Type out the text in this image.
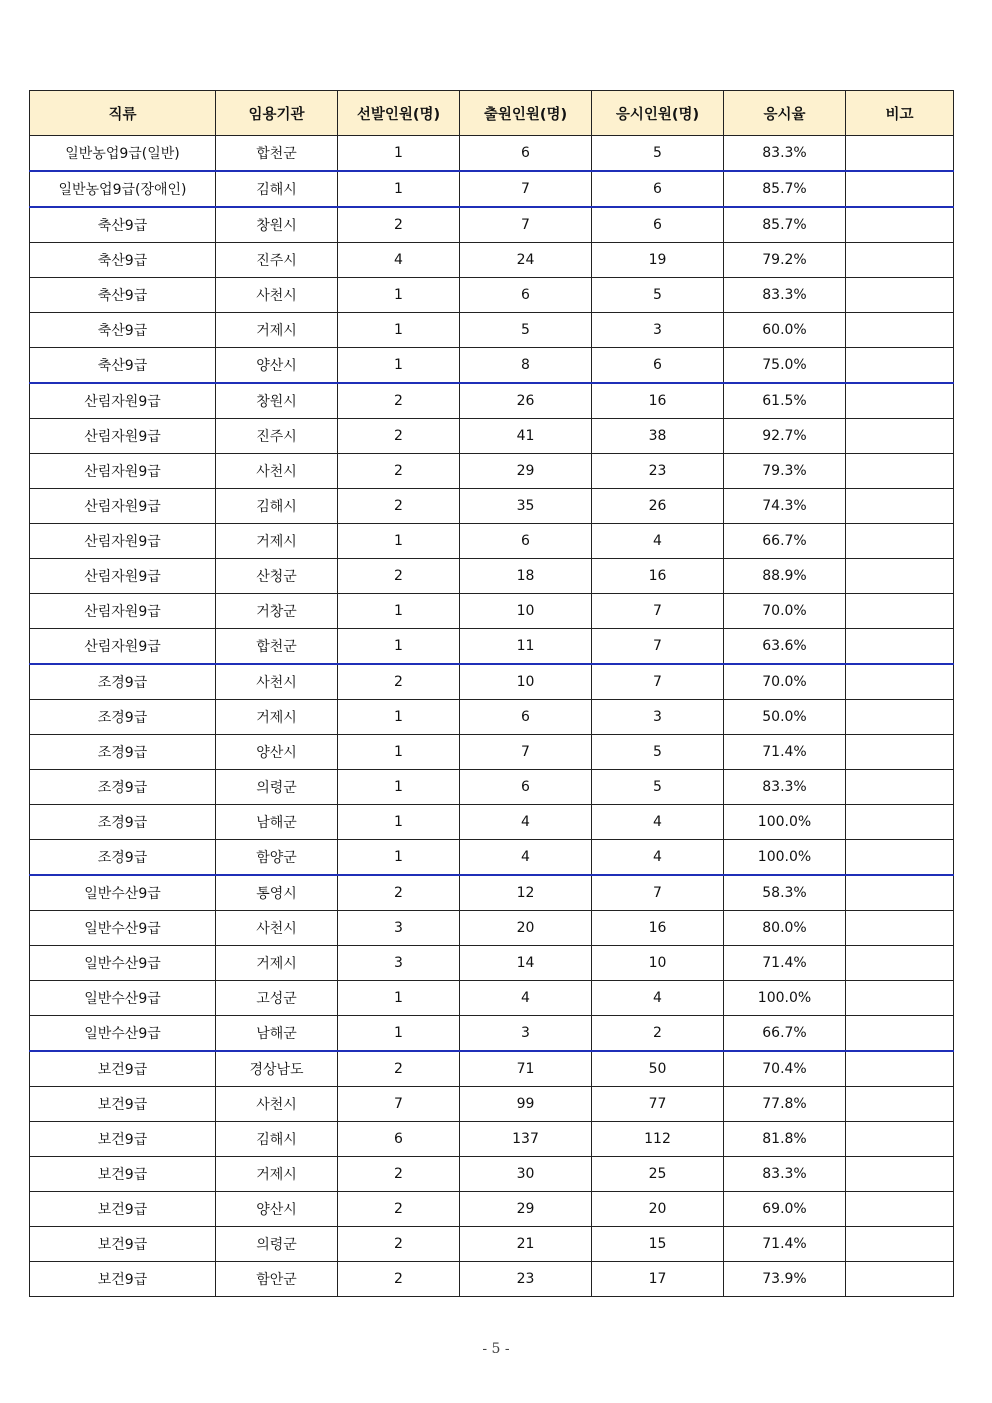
직류	임용기관	선발인원(명)	출원인원(명)	응시인원(명)	응시율	비고
일반농업9급(일반)	합천군	1	6	5	83.3%	
일반농업9급(장애인)	김해시	1	7	6	85.7%	
축산9급	창원시	2	7	6	85.7%	
축산9급	진주시	4	24	19	79.2%	
축산9급	사천시	1	6	5	83.3%	
축산9급	거제시	1	5	3	60.0%	
축산9급	양산시	1	8	6	75.0%	
산림자원9급	창원시	2	26	16	61.5%	
산림자원9급	진주시	2	41	38	92.7%	
산림자원9급	사천시	2	29	23	79.3%	
산림자원9급	김해시	2	35	26	74.3%	
산림자원9급	거제시	1	6	4	66.7%	
산림자원9급	산청군	2	18	16	88.9%	
산림자원9급	거창군	1	10	7	70.0%	
산림자원9급	합천군	1	11	7	63.6%	
조경9급	사천시	2	10	7	70.0%	
조경9급	거제시	1	6	3	50.0%	
조경9급	양산시	1	7	5	71.4%	
조경9급	의령군	1	6	5	83.3%	
조경9급	남해군	1	4	4	100.0%	
조경9급	함양군	1	4	4	100.0%	
일반수산9급	통영시	2	12	7	58.3%	
일반수산9급	사천시	3	20	16	80.0%	
일반수산9급	거제시	3	14	10	71.4%	
일반수산9급	고성군	1	4	4	100.0%	
일반수산9급	남해군	1	3	2	66.7%	
보건9급	경상남도	2	71	50	70.4%	
보건9급	사천시	7	99	77	77.8%	
보건9급	김해시	6	137	112	81.8%	
보건9급	거제시	2	30	25	83.3%	
보건9급	양산시	2	29	20	69.0%	
보건9급	의령군	2	21	15	71.4%	
보건9급	함안군	2	23	17	73.9%	
- 5 -
